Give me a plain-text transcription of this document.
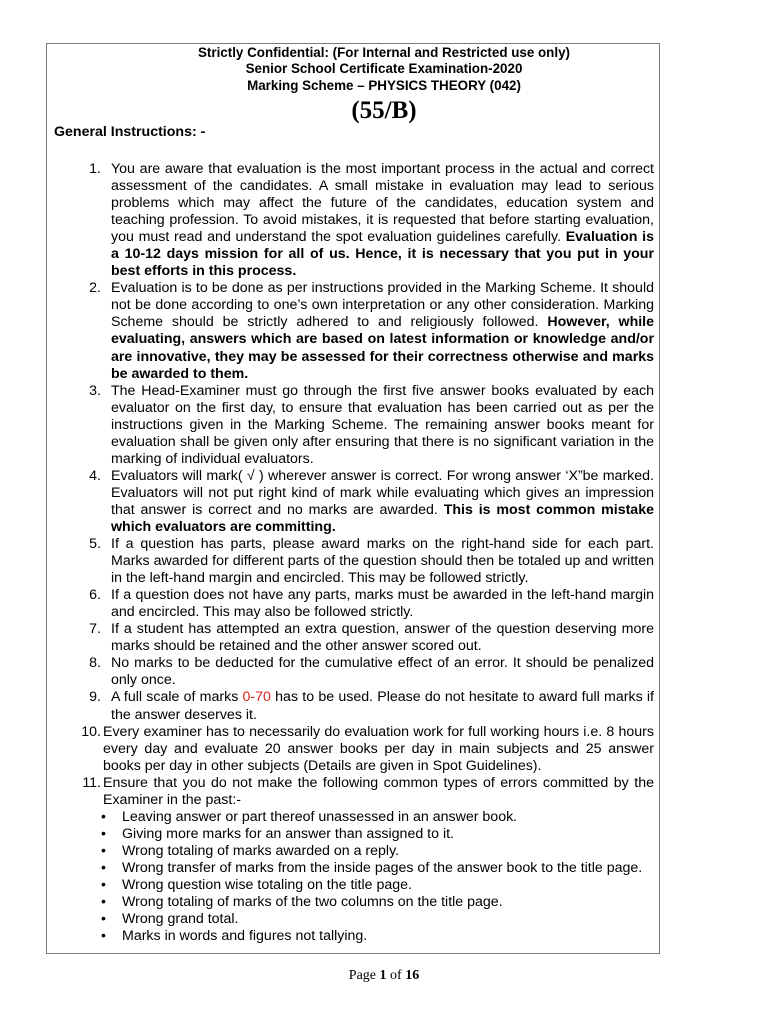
Strictly Confidential: (For Internal and Restricted use only)
Senior School Certificate Examination-2020
Marking Scheme – PHYSICS THEORY (042)
(55/B)
General Instructions: -
1. You are aware that evaluation is the most important process in the actual and correct assessment of the candidates. A small mistake in evaluation may lead to serious problems which may affect the future of the candidates, education system and teaching profession. To avoid mistakes, it is requested that before starting evaluation, you must read and understand the spot evaluation guidelines carefully. Evaluation is a 10-12 days mission for all of us. Hence, it is necessary that you put in your best efforts in this process.
2. Evaluation is to be done as per instructions provided in the Marking Scheme. It should not be done according to one’s own interpretation or any other consideration. Marking Scheme should be strictly adhered to and religiously followed. However, while evaluating, answers which are based on latest information or knowledge and/or are innovative, they may be assessed for their correctness otherwise and marks be awarded to them.
3. The Head-Examiner must go through the first five answer books evaluated by each evaluator on the first day, to ensure that evaluation has been carried out as per the instructions given in the Marking Scheme. The remaining answer books meant for evaluation shall be given only after ensuring that there is no significant variation in the marking of individual evaluators.
4. Evaluators will mark( √ ) wherever answer is correct. For wrong answer ‘X”be marked. Evaluators will not put right kind of mark while evaluating which gives an impression that answer is correct and no marks are awarded. This is most common mistake which evaluators are committing.
5. If a question has parts, please award marks on the right-hand side for each part. Marks awarded for different parts of the question should then be totaled up and written in the left-hand margin and encircled. This may be followed strictly.
6. If a question does not have any parts, marks must be awarded in the left-hand margin and encircled. This may also be followed strictly.
7. If a student has attempted an extra question, answer of the question deserving more marks should be retained and the other answer scored out.
8. No marks to be deducted for the cumulative effect of an error. It should be penalized only once.
9. A full scale of marks 0-70 has to be used. Please do not hesitate to award full marks if the answer deserves it.
10. Every examiner has to necessarily do evaluation work for full working hours i.e. 8 hours every day and evaluate 20 answer books per day in main subjects and 25 answer books per day in other subjects (Details are given in Spot Guidelines).
11. Ensure that you do not make the following common types of errors committed by the Examiner in the past:-
•	Leaving answer or part thereof unassessed in an answer book.
•	Giving more marks for an answer than assigned to it.
•	Wrong totaling of marks awarded on a reply.
•	Wrong transfer of marks from the inside pages of the answer book to the title page.
•	Wrong question wise totaling on the title page.
•	Wrong totaling of marks of the two columns on the title page.
•	Wrong grand total.
•	Marks in words and figures not tallying.
Page 1 of 16
